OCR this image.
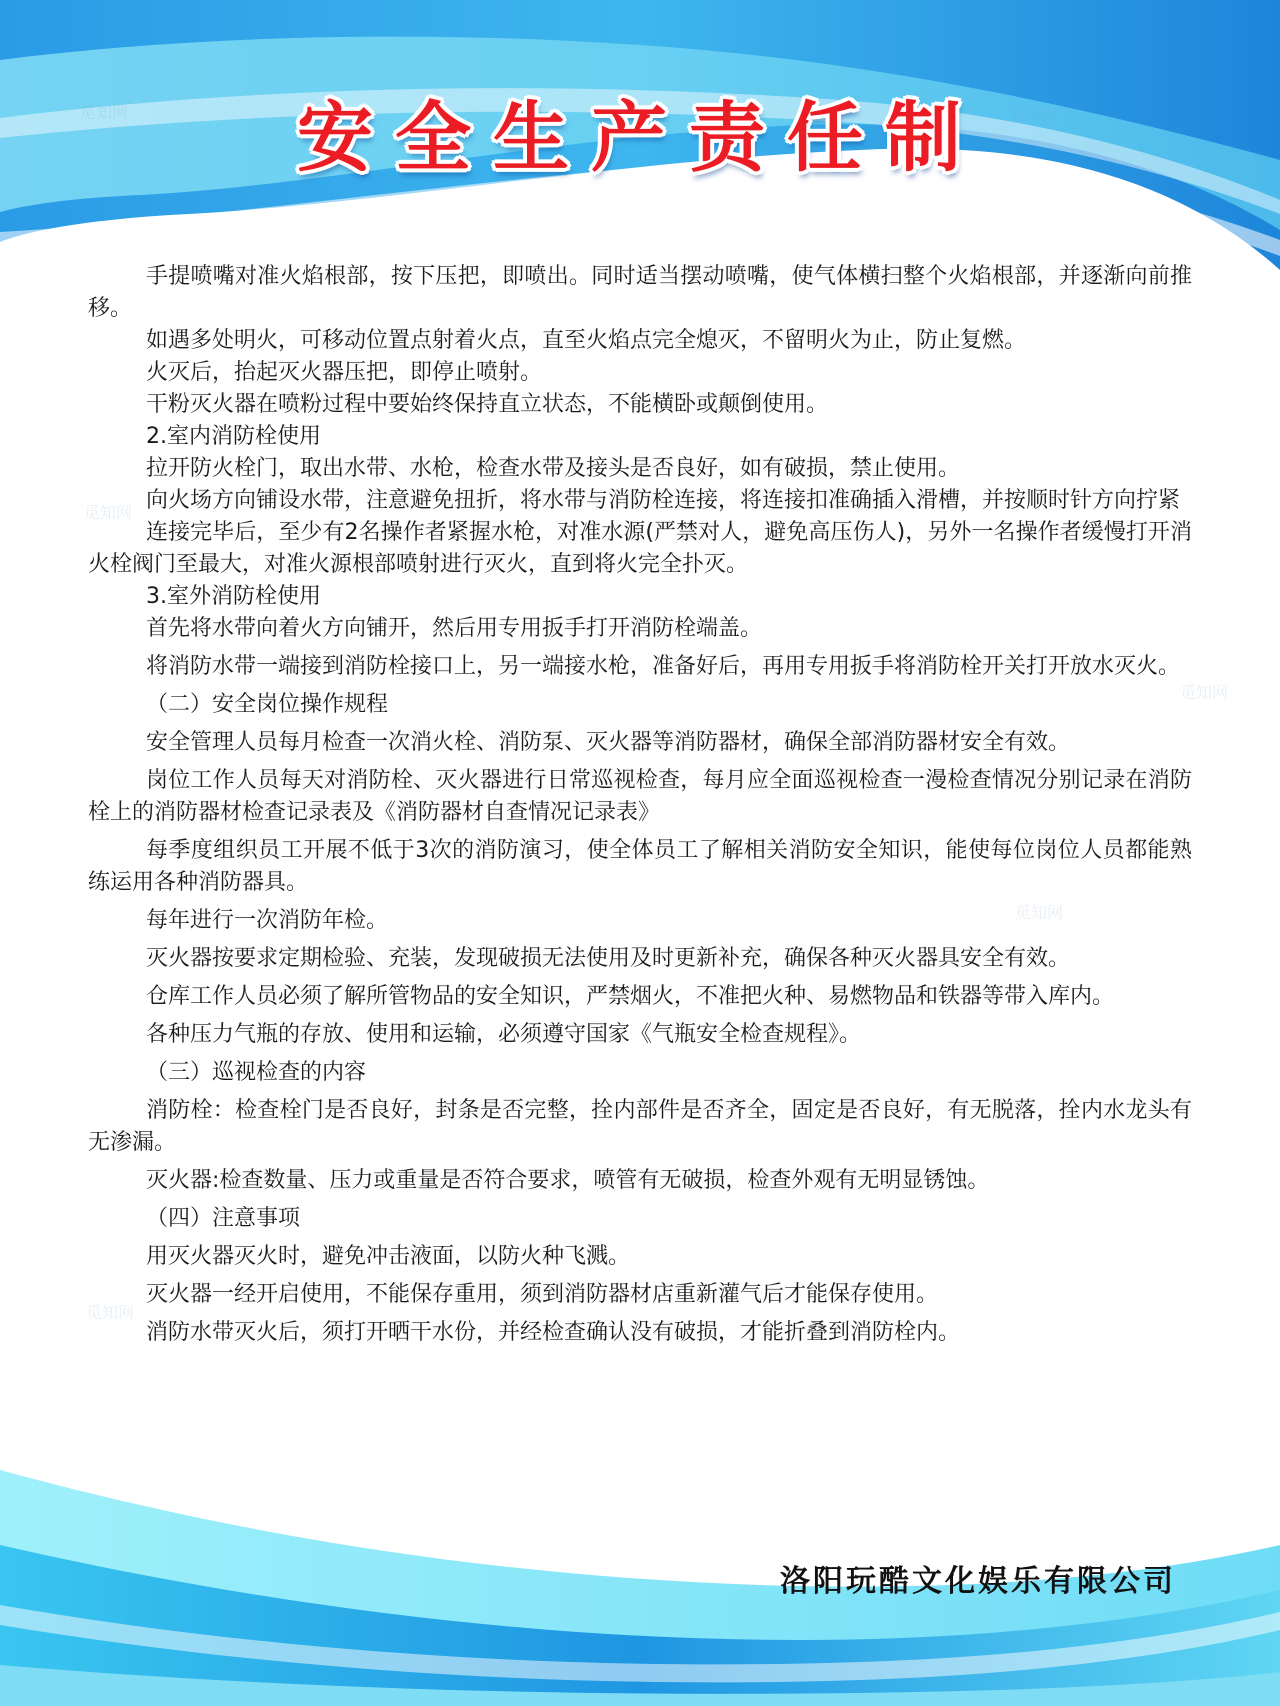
觅知网	觅知网
觅知网
觅知网
觅知网
觅知网
安全生产责任制

手提喷嘴对准火焰根部，按下压把，即喷出。同时适当摆动喷嘴，使气体横扫整个火焰根部，并逐渐向前推移。

如遇多处明火，可移动位置点射着火点，直至火焰点完全熄灭，不留明火为止，防止复燃。

火灭后，抬起灭火器压把，即停止喷射。

干粉灭火器在喷粉过程中要始终保持直立状态，不能横卧或颠倒使用。

2.室内消防栓使用

拉开防火栓门，取出水带、水枪，检查水带及接头是否良好，如有破损，禁止使用。

向火场方向铺设水带，注意避免扭折，将水带与消防栓连接，将连接扣准确插入滑槽，并按顺时针方向拧紧

连接完毕后，至少有2名操作者紧握水枪，对准水源(严禁对人，避免高压伤人)，另外一名操作者缓慢打开消火栓阀门至最大，对准火源根部喷射进行灭火，直到将火完全扑灭。

3.室外消防栓使用

首先将水带向着火方向铺开，然后用专用扳手打开消防栓端盖。

将消防水带一端接到消防栓接口上，另一端接水枪，准备好后，再用专用扳手将消防栓开关打开放水灭火。

（二）安全岗位操作规程

安全管理人员每月检查一次消火栓、消防泵、灭火器等消防器材，确保全部消防器材安全有效。

岗位工作人员每天对消防栓、灭火器进行日常巡视检查，每月应全面巡视检查一漫检查情况分别记录在消防栓上的消防器材检查记录表及《消防器材自查情况记录表》

每季度组织员工开展不低于3次的消防演习，使全体员工了解相关消防安全知识，能使每位岗位人员都能熟练运用各种消防器具。

每年进行一次消防年检。

灭火器按要求定期检验、充装，发现破损无法使用及时更新补充，确保各种灭火器具安全有效。

仓库工作人员必须了解所管物品的安全知识，严禁烟火，不准把火种、易燃物品和铁器等带入库内。

各种压力气瓶的存放、使用和运输，必须遵守国家《气瓶安全检查规程》。

（三）巡视检查的内容

消防栓：检查栓门是否良好，封条是否完整，拴内部件是否齐全，固定是否良好，有无脱落，拴内水龙头有无渗漏。

灭火器:检查数量、压力或重量是否符合要求，喷管有无破损，检查外观有无明显锈蚀。

（四）注意事项

用灭火器灭火时，避免冲击液面，以防火种飞溅。

灭火器一经开启使用，不能保存重用，须到消防器材店重新灌气后才能保存使用。

消防水带灭火后，须打开晒干水份，并经检查确认没有破损，才能折叠到消防栓内。

洛阳玩酷文化娱乐有限公司
